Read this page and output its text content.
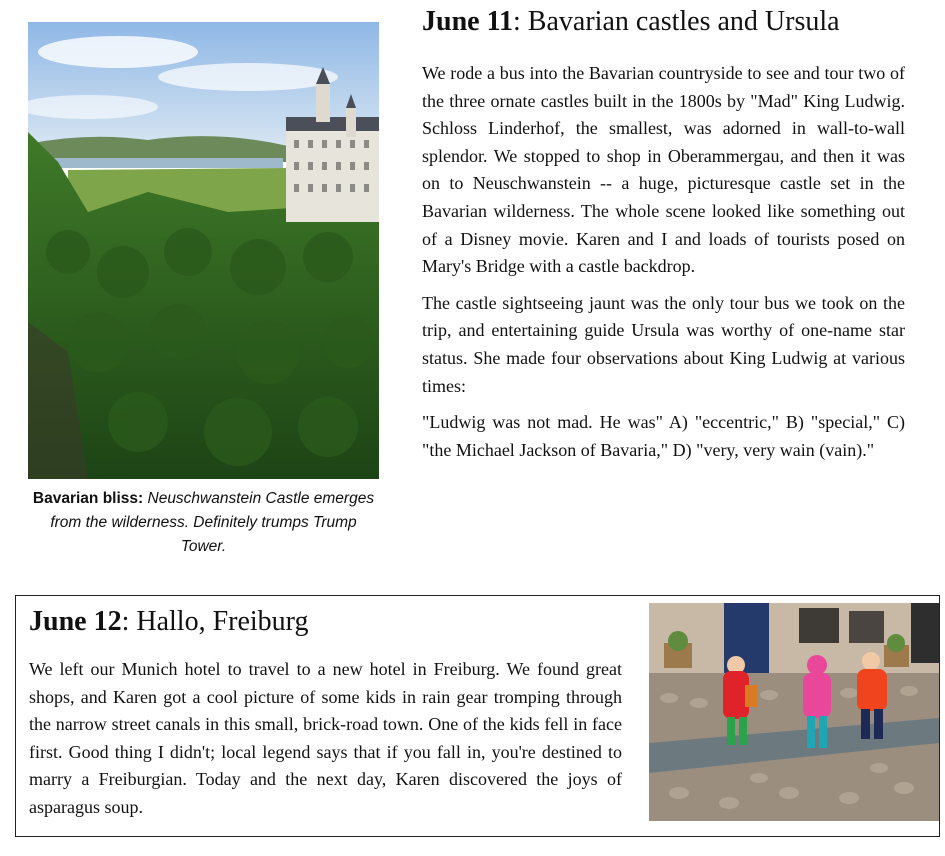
Bavarian bliss: Neuschwanstein Castle emerges from the wilderness. Definitely trumps Trump Tower.
June 11: Bavarian castles and Ursula

We rode a bus into the Bavarian countryside to see and tour two of the three ornate castles built in the 1800s by "Mad" King Ludwig. Schloss Linderhof, the smallest, was adorned in wall-to-wall splendor. We stopped to shop in Oberammergau, and then it was on to Neuschwanstein -- a huge, picturesque castle set in the Bavarian wilderness. The whole scene looked like something out of a Disney movie. Karen and I and loads of tourists posed on Mary's Bridge with a castle backdrop.

The castle sightseeing jaunt was the only tour bus we took on the trip, and entertaining guide Ursula was worthy of one-name star status. She made four observations about King Ludwig at various times:

"Ludwig was not mad. He was" A) "eccentric," B) "special," C) "the Michael Jackson of Bavaria," D) "very, very wain (vain)."

June 12: Hallo, Freiburg

We left our Munich hotel to travel to a new hotel in Freiburg. We found great shops, and Karen got a cool picture of some kids in rain gear tromping through the narrow street canals in this small, brick-road town. One of the kids fell in face first. Good thing I didn't; local legend says that if you fall in, you're destined to marry a Freiburgian. Today and the next day, Karen discovered the joys of asparagus soup.
